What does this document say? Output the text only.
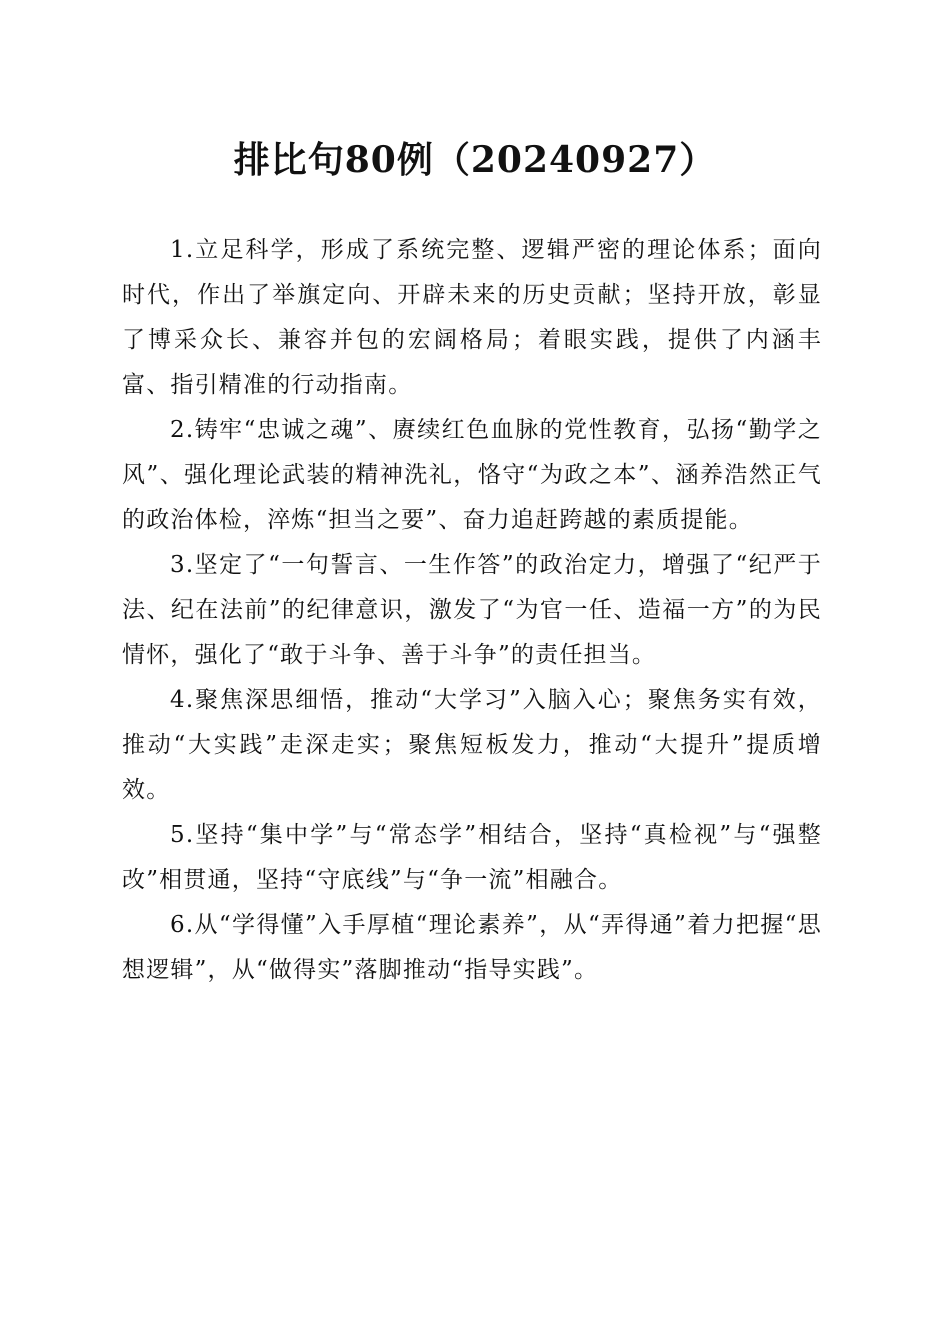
排比句80例（20240927）

1.立足科学，形成了系统完整、逻辑严密的理论体系；面向时代，作出了举旗定向、开辟未来的历史贡献；坚持开放，彰显了博采众长、兼容并包的宏阔格局；着眼实践，提供了内涵丰富、指引精准的行动指南。

2.铸牢“忠诚之魂”、赓续红色血脉的党性教育，弘扬“勤学之风”、强化理论武装的精神洗礼，恪守“为政之本”、涵养浩然正气的政治体检，淬炼“担当之要”、奋力追赶跨越的素质提能。

3.坚定了“一句誓言、一生作答”的政治定力，增强了“纪严于法、纪在法前”的纪律意识，激发了“为官一任、造福一方”的为民情怀，强化了“敢于斗争、善于斗争”的责任担当。

4.聚焦深思细悟，推动“大学习”入脑入心；聚焦务实有效，推动“大实践”走深走实；聚焦短板发力，推动“大提升”提质增效。

5.坚持“集中学”与“常态学”相结合，坚持“真检视”与“强整改”相贯通，坚持“守底线”与“争一流”相融合。

6.从“学得懂”入手厚植“理论素养”，从“弄得通”着力把握“思想逻辑”，从“做得实”落脚推动“指导实践”。
